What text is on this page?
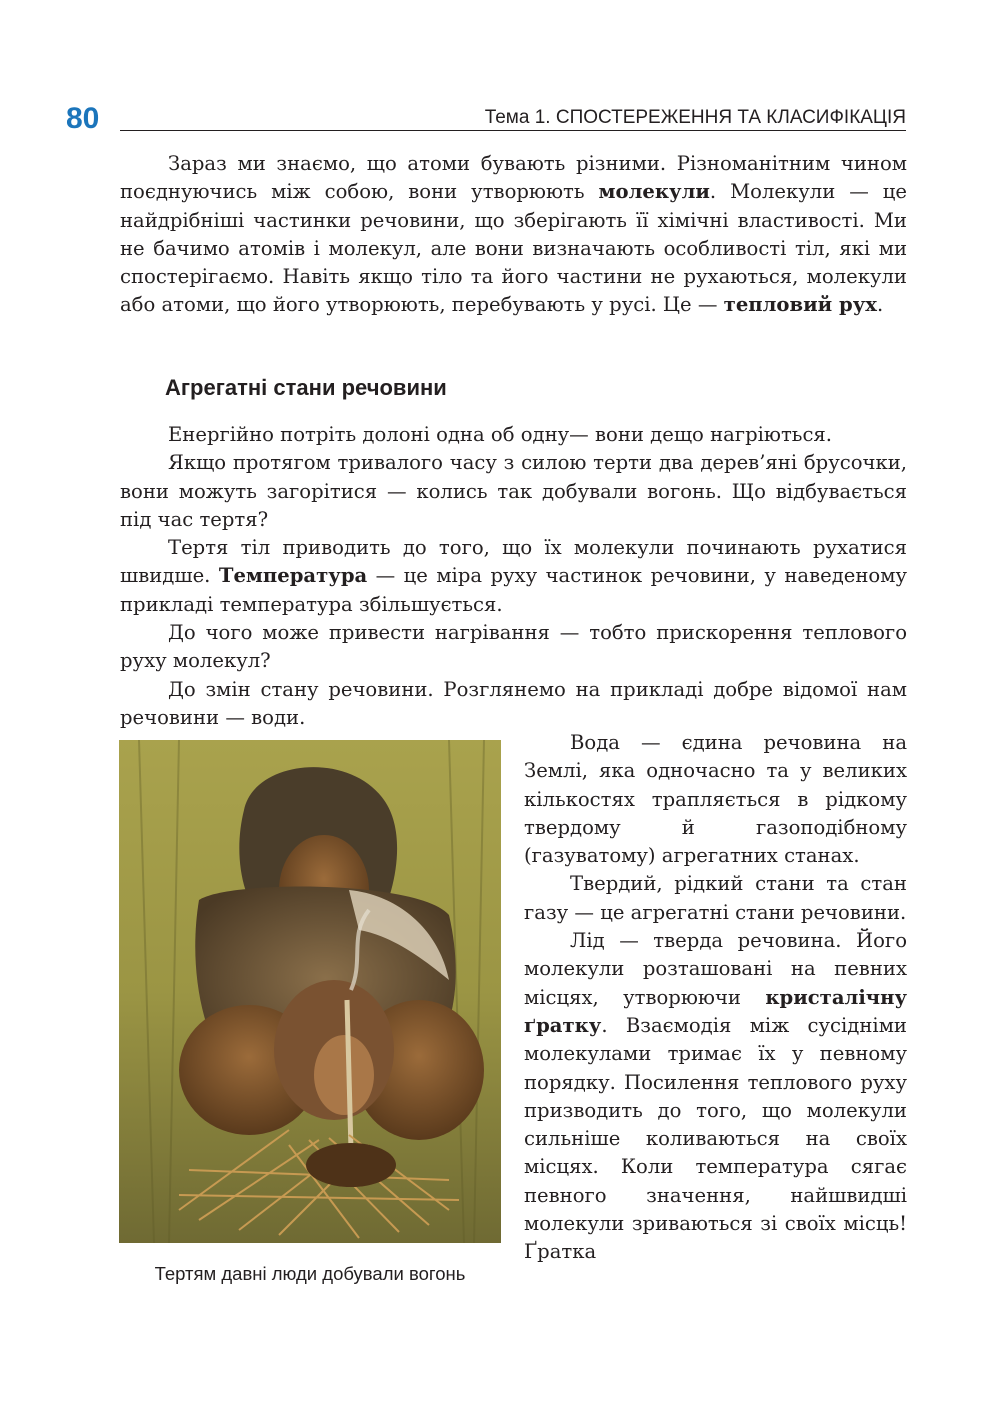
80	Тема 1. СПОСТЕРЕЖЕННЯ ТА КЛАСИФІКАЦІЯ

Зараз ми знаємо, що атоми бувають різними. Різноманітним чином поєднуючись між собою, вони утворюють молекули. Молекули — це найдрібніші частинки речовини, що зберігають її хімічні властивості. Ми не бачимо атомів і молекул, але вони визначають особливості тіл, які ми спостерігаємо. Навіть якщо тіло та його частини не рухаються, молекули або атоми, що його утворюють, перебувають у русі. Це — тепловий рух.

Агрегатні стани речовини

Енергійно потріть долоні одна об одну— вони дещо нагріються.

Якщо протягом тривалого часу з силою терти два дерев’яні брусочки, вони можуть загорітися — колись так добували вогонь. Що відбувається під час тертя?

Тертя тіл приводить до того, що їх молекули починають рухатися швидше. Температура — це міра руху частинок речовини, у наведеному прикладі температура збільшується.

До чого може привести нагрівання — тобто прискорення теплового руху молекул?

До змін стану речовини. Розглянемо на прикладі добре відомої нам речовини — води.

Тертям давні люди добували вогонь

Вода — єдина речовина на Землі, яка одночасно та у великих кількостях трапляється в рідкому твердому й газоподібному (газуватому) агрегатних станах.

Твердий, рідкий стани та стан газу — це агрегатні стани речовини.

Лід — тверда речовина. Його молекули розташовані на певних місцях, утворюючи кристалічну ґратку. Взаємодія між сусідніми молекулами тримає їх у певному порядку. Посилення теплового руху призводить до того, що молекули сильніше коливаються на своїх місцях. Коли температура сягає певного значення, найшвидші молекули зриваються зі своїх місць! Ґратка
